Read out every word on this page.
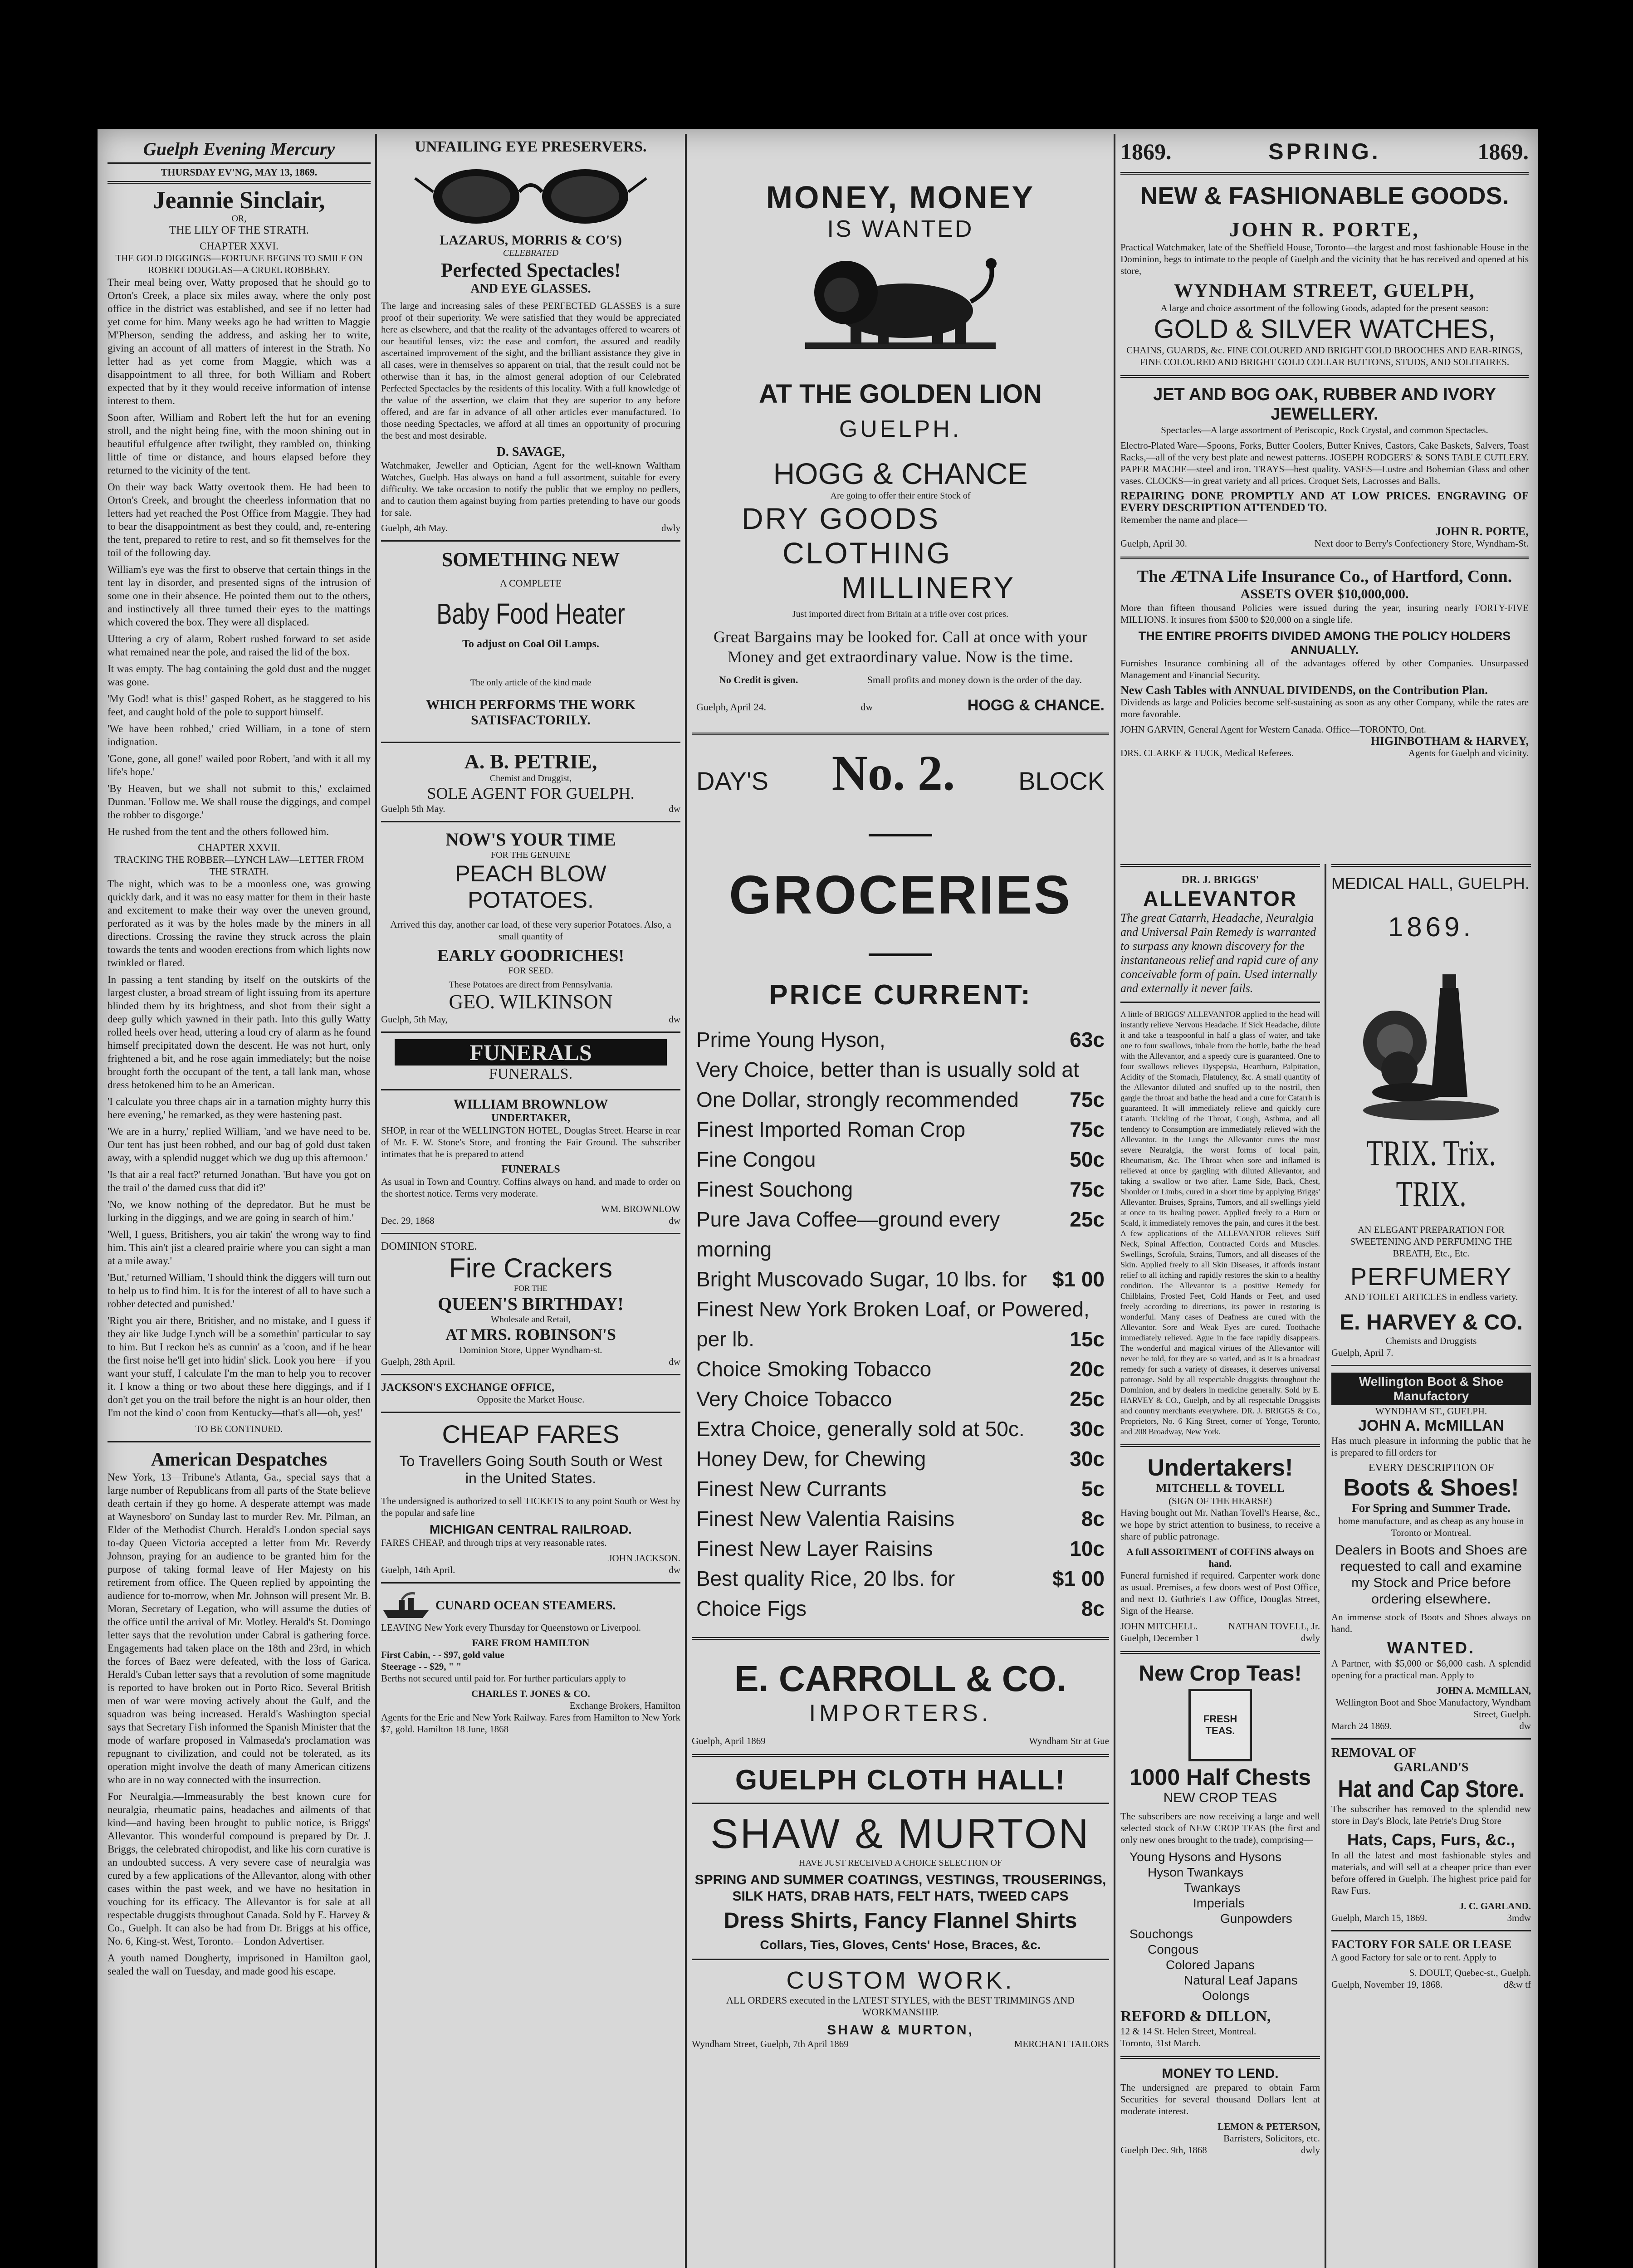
Guelph Evening Mercury
THURSDAY EV'NG, MAY 13, 1869.
Jeannie Sinclair,
OR,
THE LILY OF THE STRATH.
CHAPTER XXVI.
THE GOLD DIGGINGS—FORTUNE BEGINS TO SMILE ON ROBERT DOUGLAS—A CRUEL ROBBERY.

Their meal being over, Watty proposed that he should go to Orton's Creek, a place six miles away, where the only post office in the district was established, and see if no letter had yet come for him. Many weeks ago he had written to Maggie M'Pherson, sending the address, and asking her to write, giving an account of all matters of interest in the Strath. No letter had as yet come from Maggie, which was a disappointment to all three, for both William and Robert expected that by it they would receive information of intense interest to them.

Soon after, William and Robert left the hut for an evening stroll, and the night being fine, with the moon shining out in beautiful effulgence after twilight, they rambled on, thinking little of time or distance, and hours elapsed before they returned to the vicinity of the tent.

On their way back Watty overtook them. He had been to Orton's Creek, and brought the cheerless information that no letters had yet reached the Post Office from Maggie. They had to bear the disappointment as best they could, and, re-entering the tent, prepared to retire to rest, and so fit themselves for the toil of the following day.

William's eye was the first to observe that certain things in the tent lay in disorder, and presented signs of the intrusion of some one in their absence. He pointed them out to the others, and instinctively all three turned their eyes to the mattings which covered the box. They were all displaced.

Uttering a cry of alarm, Robert rushed forward to set aside what remained near the pole, and raised the lid of the box.

It was empty. The bag containing the gold dust and the nugget was gone.

'My God! what is this!' gasped Robert, as he staggered to his feet, and caught hold of the pole to support himself.

'We have been robbed,' cried William, in a tone of stern indignation.

'Gone, gone, all gone!' wailed poor Robert, 'and with it all my life's hope.'

'By Heaven, but we shall not submit to this,' exclaimed Dunman. 'Follow me. We shall rouse the diggings, and compel the robber to disgorge.'

He rushed from the tent and the others followed him.

CHAPTER XXVII.
TRACKING THE ROBBER—LYNCH LAW—LETTER FROM THE STRATH.

The night, which was to be a moonless one, was growing quickly dark, and it was no easy matter for them in their haste and excitement to make their way over the uneven ground, perforated as it was by the holes made by the miners in all directions. Crossing the ravine they struck across the plain towards the tents and wooden erections from which lights now twinkled or flared.

In passing a tent standing by itself on the outskirts of the largest cluster, a broad stream of light issuing from its aperture blinded them by its brightness, and shot from their sight a deep gully which yawned in their path. Into this gully Watty rolled heels over head, uttering a loud cry of alarm as he found himself precipitated down the descent. He was not hurt, only frightened a bit, and he rose again immediately; but the noise brought forth the occupant of the tent, a tall lank man, whose dress betokened him to be an American.

'I calculate you three chaps air in a tarnation mighty hurry this here evening,' he remarked, as they were hastening past.

'We are in a hurry,' replied William, 'and we have need to be. Our tent has just been robbed, and our bag of gold dust taken away, with a splendid nugget which we dug up this afternoon.'

'Is that air a real fact?' returned Jonathan. 'But have you got on the trail o' the darned cuss that did it?'

'No, we know nothing of the depredator. But he must be lurking in the diggings, and we are going in search of him.'

'Well, I guess, Britishers, you air takin' the wrong way to find him. This ain't jist a cleared prairie where you can sight a man at a mile away.'

'But,' returned William, 'I should think the diggers will turn out to help us to find him. It is for the interest of all to have such a robber detected and punished.'

'Right you air there, Britisher, and no mistake, and I guess if they air like Judge Lynch will be a somethin' particular to say to him. But I reckon he's as cunnin' as a 'coon, and if he hear the first noise he'll get into hidin' slick. Look you here—if you want your stuff, I calculate I'm the man to help you to recover it. I know a thing or two about these here diggings, and if I don't get you on the trail before the night is an hour older, then I'm not the kind o' coon from Kentucky—that's all—oh, yes!'

TO BE CONTINUED.
American Despatches

New York, 13—Tribune's Atlanta, Ga., special says that a large number of Republicans from all parts of the State believe death certain if they go home. A desperate attempt was made at Waynesboro' on Sunday last to murder Rev. Mr. Pilman, an Elder of the Methodist Church. Herald's London special says to-day Queen Victoria accepted a letter from Mr. Reverdy Johnson, praying for an audience to be granted him for the purpose of taking formal leave of Her Majesty on his retirement from office. The Queen replied by appointing the audience for to-morrow, when Mr. Johnson will present Mr. B. Moran, Secretary of Legation, who will assume the duties of the office until the arrival of Mr. Motley. Herald's St. Domingo letter says that the revolution under Cabral is gathering force. Engagements had taken place on the 18th and 23rd, in which the forces of Baez were defeated, with the loss of Garica. Herald's Cuban letter says that a revolution of some magnitude is reported to have broken out in Porto Rico. Several British men of war were moving actively about the Gulf, and the squadron was being increased. Herald's Washington special says that Secretary Fish informed the Spanish Minister that the mode of warfare proposed in Valmaseda's proclamation was repugnant to civilization, and could not be tolerated, as its operation might involve the death of many American citizens who are in no way connected with the insurrection.

For Neuralgia.—Immeasurably the best known cure for neuralgia, rheumatic pains, headaches and ailments of that kind—and having been brought to public notice, is Briggs' Allevantor. This wonderful compound is prepared by Dr. J. Briggs, the celebrated chiropodist, and like his corn curative is an undoubted success. A very severe case of neuralgia was cured by a few applications of the Allevantor, along with other cases within the past week, and we have no hesitation in vouching for its efficacy. The Allevantor is for sale at all respectable druggists throughout Canada. Sold by E. Harvey & Co., Guelph. It can also be had from Dr. Briggs at his office, No. 6, King-st. West, Toronto.—London Advertiser.

A youth named Dougherty, imprisoned in Hamilton gaol, sealed the wall on Tuesday, and made good his escape.

UNFAILING EYE PRESERVERS.
LAZARUS, MORRIS & CO'S)
CELEBRATED
Perfected Spectacles!
AND EYE GLASSES.

The large and increasing sales of these PERFECTED GLASSES is a sure proof of their superiority. We were satisfied that they would be appreciated here as elsewhere, and that the reality of the advantages offered to wearers of our beautiful lenses, viz: the ease and comfort, the assured and readily ascertained improvement of the sight, and the brilliant assistance they give in all cases, were in themselves so apparent on trial, that the result could not be otherwise than it has, in the almost general adoption of our Celebrated Perfected Spectacles by the residents of this locality. With a full knowledge of the value of the assertion, we claim that they are superior to any before offered, and are far in advance of all other articles ever manufactured. To those needing Spectacles, we afford at all times an opportunity of procuring the best and most desirable.

D. SAVAGE,

Watchmaker, Jeweller and Optician, Agent for the well-known Waltham Watches, Guelph. Has always on hand a full assortment, suitable for every difficulty. We take occasion to notify the public that we employ no pedlers, and to caution them against buying from parties pretending to have our goods for sale.

Guelph, 4th May.	dwly
SOMETHING NEW
A COMPLETE
Baby Food Heater
To adjust on Coal Oil Lamps.
The only article of the kind made
WHICH PERFORMS THE WORK SATISFACTORILY.
A. B. PETRIE,
Chemist and Druggist,
SOLE AGENT FOR GUELPH.
Guelph 5th May.	dw
NOW'S YOUR TIME
FOR THE GENUINE
PEACH BLOW
POTATOES.

Arrived this day, another car load, of these very superior Potatoes. Also, a small quantity of

EARLY GOODRICHES!
FOR SEED.
These Potatoes are direct from Pennsylvania.
GEO. WILKINSON
Guelph, 5th May,	dw
FUNERALS
FUNERALS.
WILLIAM BROWNLOW
UNDERTAKER,

SHOP, in rear of the WELLINGTON HOTEL, Douglas Street. Hearse in rear of Mr. F. W. Stone's Store, and fronting the Fair Ground. The subscriber intimates that he is prepared to attend

FUNERALS

As usual in Town and Country. Coffins always on hand, and made to order on the shortest notice. Terms very moderate.

WM. BROWNLOW
Dec. 29, 1868	dw
DOMINION STORE.
Fire Crackers
FOR THE
QUEEN'S BIRTHDAY!
Wholesale and Retail,
AT MRS. ROBINSON'S
Dominion Store, Upper Wyndham-st.
Guelph, 28th April.	dw
JACKSON'S EXCHANGE OFFICE,
Opposite the Market House.
CHEAP FARES
To Travellers Going South South or West in the United States.

The undersigned is authorized to sell TICKETS to any point South or West by the popular and safe line

MICHIGAN CENTRAL RAILROAD.

FARES CHEAP, and through trips at very reasonable rates.

JOHN JACKSON.
Guelph, 14th April.	dw
CUNARD OCEAN STEAMERS.

LEAVING New York every Thursday for Queenstown or Liverpool.

FARE FROM HAMILTON
First Cabin, - - $97, gold value
Steerage - - $29, " "

Berths not secured until paid for. For further particulars apply to

CHARLES T. JONES & CO.
Exchange Brokers, Hamilton

Agents for the Erie and New York Railway. Fares from Hamilton to New York $7, gold. Hamilton 18 June, 1868

MONEY, MONEY
IS WANTED
AT THE GOLDEN LION
GUELPH.
HOGG & CHANCE
Are going to offer their entire Stock of
DRY GOODS
CLOTHING
MILLINERY
Just imported direct from Britain at a trifle over cost prices.
Great Bargains may be looked for. Call at once with your Money and get extraordinary value. Now is the time.
No Credit is given.	Small profits and money down is the order of the day.
Guelph, April 24.	dw	HOGG & CHANCE.
DAY'S No. 2. BLOCK
GROCERIES
PRICE CURRENT:
Prime Young Hyson,	63c
Very Choice, better than is usually sold at
One Dollar, strongly recommended 75c
Finest Imported Roman Crop	75c
Fine Congou	50c
Finest Souchong	75c
Pure Java Coffee—ground every morning
25c
Bright Muscovado Sugar, 10 lbs. for $1 00
Finest New York Broken Loaf, or Powered,
per lb.	15c
Choice Smoking Tobacco	20c
Very Choice Tobacco	25c
Extra Choice, generally sold at 50c. 30c
Honey Dew, for Chewing	30c
Finest New Currants	5c
Finest New Valentia Raisins	8c
Finest New Layer Raisins	10c
Best quality Rice, 20 lbs. for	$1 00
Choice Figs	8c
E. CARROLL & CO.
IMPORTERS.
Guelph, April 1869	Wyndham Str at Gue
GUELPH CLOTH HALL!
SHAW & MURTON
HAVE JUST RECEIVED A CHOICE SELECTION OF
SPRING AND SUMMER COATINGS, VESTINGS, TROUSERINGS, SILK HATS, DRAB HATS, FELT HATS, TWEED CAPS
Dress Shirts, Fancy Flannel Shirts
Collars, Ties, Gloves, Cents' Hose, Braces, &c.
CUSTOM WORK.
ALL ORDERS executed in the LATEST STYLES, with the BEST TRIMMINGS AND WORKMANSHIP.
SHAW & MURTON,
Wyndham Street, Guelph, 7th April 1869	MERCHANT TAILORS
1869.	SPRING.	1869.
NEW & FASHIONABLE GOODS.
JOHN R. PORTE,

Practical Watchmaker, late of the Sheffield House, Toronto—the largest and most fashionable House in the Dominion, begs to intimate to the people of Guelph and the vicinity that he has received and opened at his store,

WYNDHAM STREET, GUELPH,
A large and choice assortment of the following Goods, adapted for the present season:
GOLD & SILVER WATCHES,
CHAINS, GUARDS, &c. FINE COLOURED AND BRIGHT GOLD BROOCHES AND EAR-RINGS, FINE COLOURED AND BRIGHT GOLD COLLAR BUTTONS, STUDS, AND SOLITAIRES.
JET AND BOG OAK, RUBBER AND IVORY JEWELLERY.

Spectacles—A large assortment of Periscopic, Rock Crystal, and common Spectacles.

Electro-Plated Ware—Spoons, Forks, Butter Coolers, Butter Knives, Castors, Cake Baskets, Salvers, Toast Racks,—all of the very best plate and newest patterns. JOSEPH RODGERS' & SONS TABLE CUTLERY. PAPER MACHE—steel and iron. TRAYS—best quality. VASES—Lustre and Bohemian Glass and other vases. CLOCKS—in great variety and all prices. Croquet Sets, Lacrosses and Balls.

REPAIRING DONE PROMPTLY AND AT LOW PRICES. ENGRAVING OF EVERY DESCRIPTION ATTENDED TO.
Remember the name and place—
JOHN R. PORTE,
Guelph, April 30.	Next door to Berry's Confectionery Store, Wyndham-St.
The ÆTNA Life Insurance Co., of Hartford, Conn.
ASSETS OVER $10,000,000.

More than fifteen thousand Policies were issued during the year, insuring nearly FORTY-FIVE MILLIONS. It insures from $500 to $20,000 on a single life.

THE ENTIRE PROFITS DIVIDED AMONG THE POLICY HOLDERS ANNUALLY.

Furnishes Insurance combining all of the advantages offered by other Companies. Unsurpassed Management and Financial Security.

New Cash Tables with ANNUAL DIVIDENDS, on the Contribution Plan.

Dividends as large and Policies become self-sustaining as soon as any other Company, while the rates are more favorable.

JOHN GARVIN, General Agent for Western Canada. Office—TORONTO, Ont.
HIGINBOTHAM & HARVEY,
DRS. CLARKE & TUCK, Medical Referees.	Agents for Guelph and vicinity.
DR. J. BRIGGS'
ALLEVANTOR

The great Catarrh, Headache, Neuralgia and Universal Pain Remedy is warranted to surpass any known discovery for the instantaneous relief and rapid cure of any conceivable form of pain. Used internally and externally it never fails.

A little of BRIGGS' ALLEVANTOR applied to the head will instantly relieve Nervous Headache. If Sick Headache, dilute it and take a teaspoonful in half a glass of water, and take one to four swallows, inhale from the bottle, bathe the head with the Allevantor, and a speedy cure is guaranteed. One to four swallows relieves Dyspepsia, Heartburn, Palpitation, Acidity of the Stomach, Flatulency, &c. A small quantity of the Allevantor diluted and snuffed up to the nostril, then gargle the throat and bathe the head and a cure for Catarrh is guaranteed. It will immediately relieve and quickly cure Catarrh. Tickling of the Throat, Cough, Asthma, and all tendency to Consumption are immediately relieved with the Allevantor. In the Lungs the Allevantor cures the most severe Neuralgia, the worst forms of local pain, Rheumatism, &c. The Throat when sore and inflamed is relieved at once by gargling with diluted Allevantor, and taking a swallow or two after. Lame Side, Back, Chest, Shoulder or Limbs, cured in a short time by applying Briggs' Allevantor. Bruises, Sprains, Tumors, and all swellings yield at once to its healing power. Applied freely to a Burn or Scald, it immediately removes the pain, and cures it the best. A few applications of the ALLEVANTOR relieves Stiff Neck, Spinal Affection, Contracted Cords and Muscles. Swellings, Scrofula, Strains, Tumors, and all diseases of the Skin. Applied freely to all Skin Diseases, it affords instant relief to all itching and rapidly restores the skin to a healthy condition. The Allevantor is a positive Remedy for Chilblains, Frosted Feet, Cold Hands or Feet, and used freely according to directions, its power in restoring is wonderful. Many cases of Deafness are cured with the Allevantor. Sore and Weak Eyes are cured. Toothache immediately relieved. Ague in the face rapidly disappears. The wonderful and magical virtues of the Allevantor will never be told, for they are so varied, and as it is a broadcast remedy for such a variety of diseases, it deserves universal patronage. Sold by all respectable druggists throughout the Dominion, and by dealers in medicine generally. Sold by E. HARVEY & CO., Guelph, and by all respectable Druggists and country merchants everywhere. DR. J. BRIGGS & Co., Proprietors, No. 6 King Street, corner of Yonge, Toronto, and 208 Broadway, New York.

Undertakers!
MITCHELL & TOVELL
(SIGN OF THE HEARSE)

Having bought out Mr. Nathan Tovell's Hearse, &c., we hope by strict attention to business, to receive a share of public patronage.

A full ASSORTMENT of COFFINS always on hand.

Funeral furnished if required. Carpenter work done as usual. Premises, a few doors west of Post Office, and next D. Guthrie's Law Office, Douglas Street, Sign of the Hearse.

JOHN MITCHELL.	NATHAN TOVELL, Jr.
Guelph, December 1	dwly
New Crop Teas!
FRESH TEAS.
1000 Half Chests
NEW CROP TEAS

The subscribers are now receiving a large and well selected stock of NEW CROP TEAS (the first and only new ones brought to the trade), comprising—

Young Hysons and Hysons
Hyson Twankays
Twankays
Imperials
Gunpowders
Souchongs
Congous
Colored Japans
Natural Leaf Japans
Oolongs
REFORD & DILLON,
12 & 14 St. Helen Street, Montreal.
Toronto, 31st March.
MONEY TO LEND.

The undersigned are prepared to obtain Farm Securities for several thousand Dollars lent at moderate interest.

LEMON & PETERSON,
Barristers, Solicitors, etc.
Guelph Dec. 9th, 1868	dwly
MEDICAL HALL, GUELPH.
1869.
TRIX. Trix. TRIX.

AN ELEGANT PREPARATION FOR SWEETENING AND PERFUMING THE BREATH, Etc., Etc.

PERFUMERY
AND TOILET ARTICLES in endless variety.
E. HARVEY & CO.
Chemists and Druggists
Guelph, April 7.
Wellington Boot & Shoe Manufactory
WYNDHAM ST., GUELPH.
JOHN A. McMILLAN

Has much pleasure in informing the public that he is prepared to fill orders for

EVERY DESCRIPTION OF
Boots & Shoes!
For Spring and Summer Trade.

home manufacture, and as cheap as any house in Toronto or Montreal.

Dealers in Boots and Shoes are requested to call and examine my Stock and Price before ordering elsewhere.

An immense stock of Boots and Shoes always on hand.

WANTED.

A Partner, with $5,000 or $6,000 cash. A splendid opening for a practical man. Apply to

JOHN A. McMILLAN,
Wellington Boot and Shoe Manufactory, Wyndham Street, Guelph.
March 24 1869.	dw
REMOVAL OF
GARLAND'S
Hat and Cap Store.

The subscriber has removed to the splendid new store in Day's Block, late Petrie's Drug Store

Hats, Caps, Furs, &c.,

In all the latest and most fashionable styles and materials, and will sell at a cheaper price than ever before offered in Guelph. The highest price paid for Raw Furs.

J. C. GARLAND.
Guelph, March 15, 1869.	3mdw
FACTORY FOR SALE OR LEASE

A good Factory for sale or to rent. Apply to

S. DOULT, Quebec-st., Guelph.
Guelph, November 19, 1868.	d&w tf
